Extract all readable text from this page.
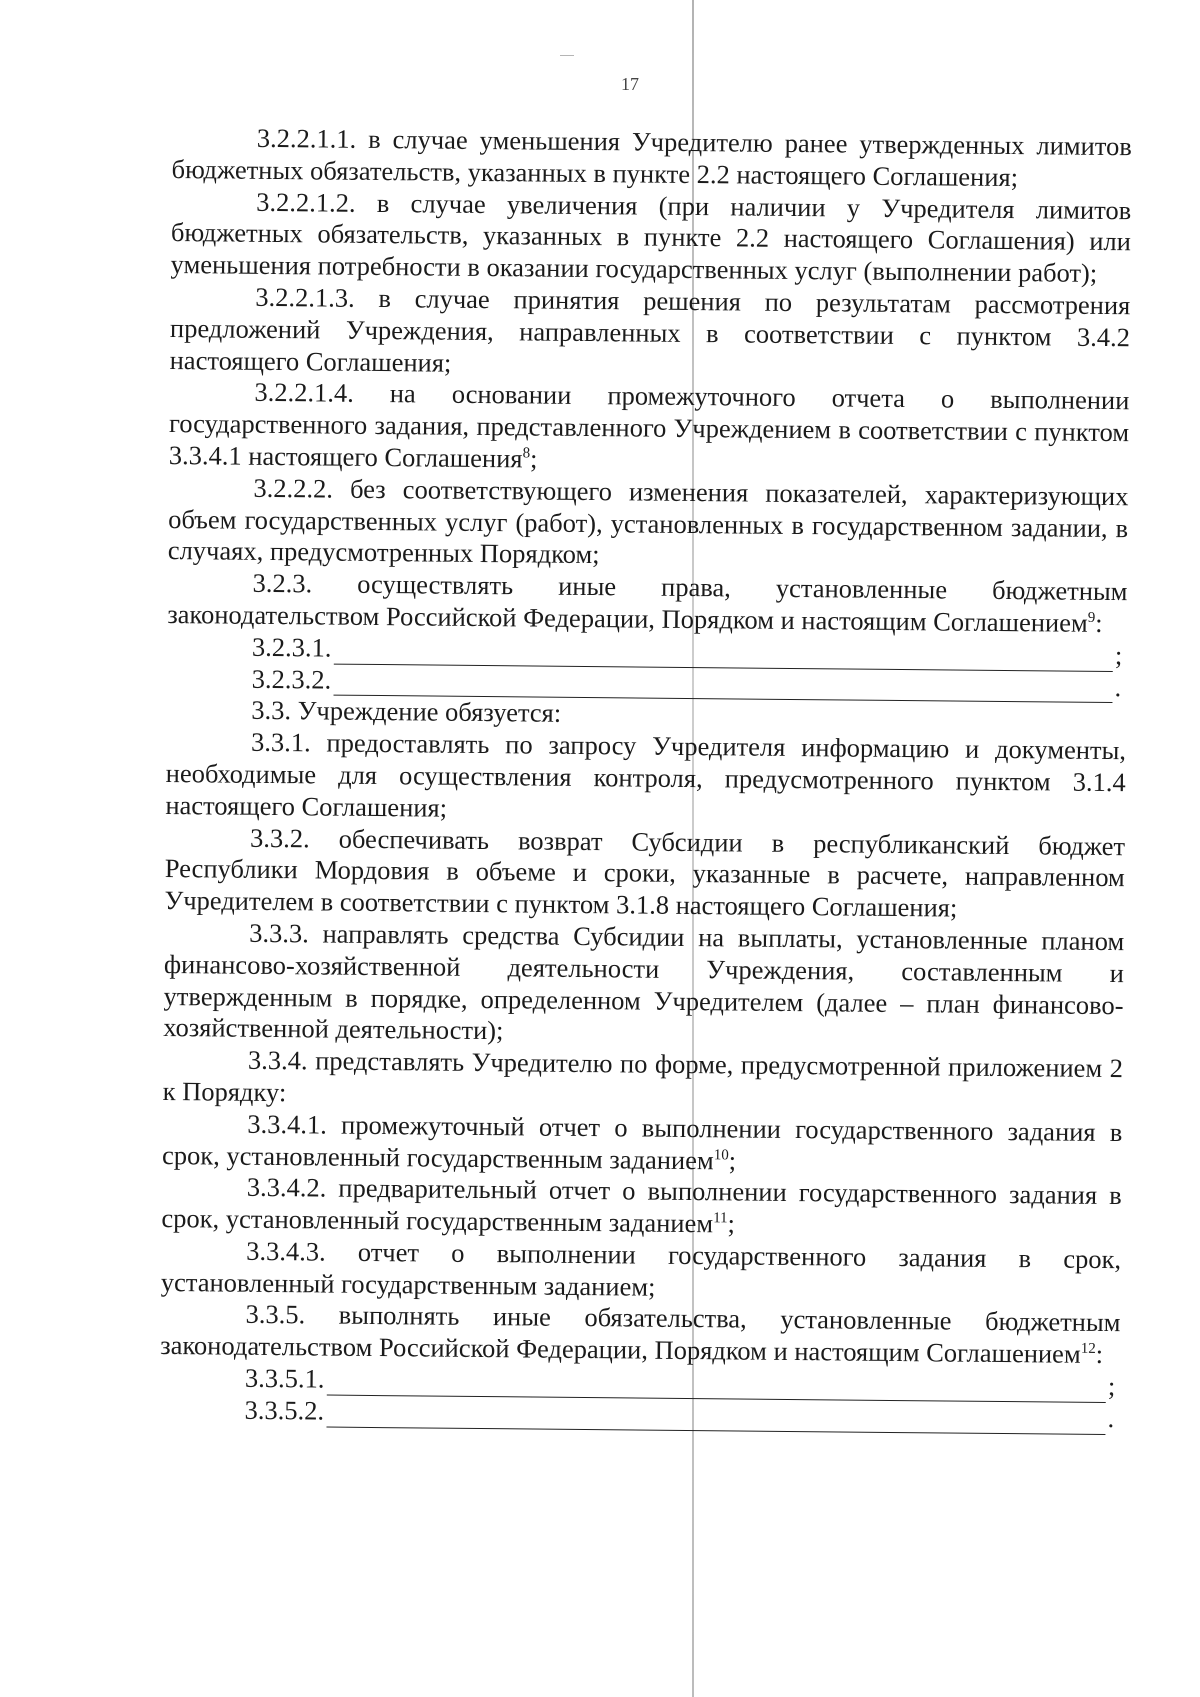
17

3.2.2.1.1. в случае уменьшения Учредителю ранее утвержденных лимитов бюджетных обязательств, указанных в пункте 2.2 настоящего Соглашения;

3.2.2.1.2. в случае увеличения (при наличии у Учредителя лимитов бюджетных обязательств, указанных в пункте 2.2 настоящего Соглашения) или уменьшения потребности в оказании государственных услуг (выполнении работ);

3.2.2.1.3. в случае принятия решения по результатам рассмотрения предложений Учреждения, направленных в соответствии с пунктом 3.4.2 настоящего Соглашения;

3.2.2.1.4. на основании промежуточного отчета о выполнении государственного задания, представленного Учреждением в соответствии с пунктом 3.3.4.1 настоящего Соглашения$^8$;

3.2.2.2. без соответствующего изменения показателей, характеризующих объем государственных услуг (работ), установленных в государственном задании, в случаях, предусмотренных Порядком;

3.2.3. осуществлять иные права, установленные бюджетным законодательством Российской Федерации, Порядком и настоящим Соглашением$^9$:

3.2.3.1.	;
3.2.3.2.	.

3.3. Учреждение обязуется:

3.3.1. предоставлять по запросу Учредителя информацию и документы, необходимые для осуществления контроля, предусмотренного пунктом 3.1.4 настоящего Соглашения;

3.3.2. обеспечивать возврат Субсидии в республиканский бюджет Республики Мордовия в объеме и сроки, указанные в расчете, направленном Учредителем в соответствии с пунктом 3.1.8 настоящего Соглашения;

3.3.3. направлять средства Субсидии на выплаты, установленные планом финансово-хозяйственной деятельности Учреждения, составленным и утвержденным в порядке, определенном Учредителем (далее – план финансово-хозяйственной деятельности);

3.3.4. представлять Учредителю по форме, предусмотренной приложением 2 к Порядку:

3.3.4.1. промежуточный отчет о выполнении государственного задания в срок, установленный государственным заданием$^{10}$;

3.3.4.2. предварительный отчет о выполнении государственного задания в срок, установленный государственным заданием$^{11}$;

3.3.4.3. отчет о выполнении государственного задания в срок, установленный государственным заданием;

3.3.5. выполнять иные обязательства, установленные бюджетным законодательством Российской Федерации, Порядком и настоящим Соглашением$^{12}$:

3.3.5.1.	;
3.3.5.2.	.
